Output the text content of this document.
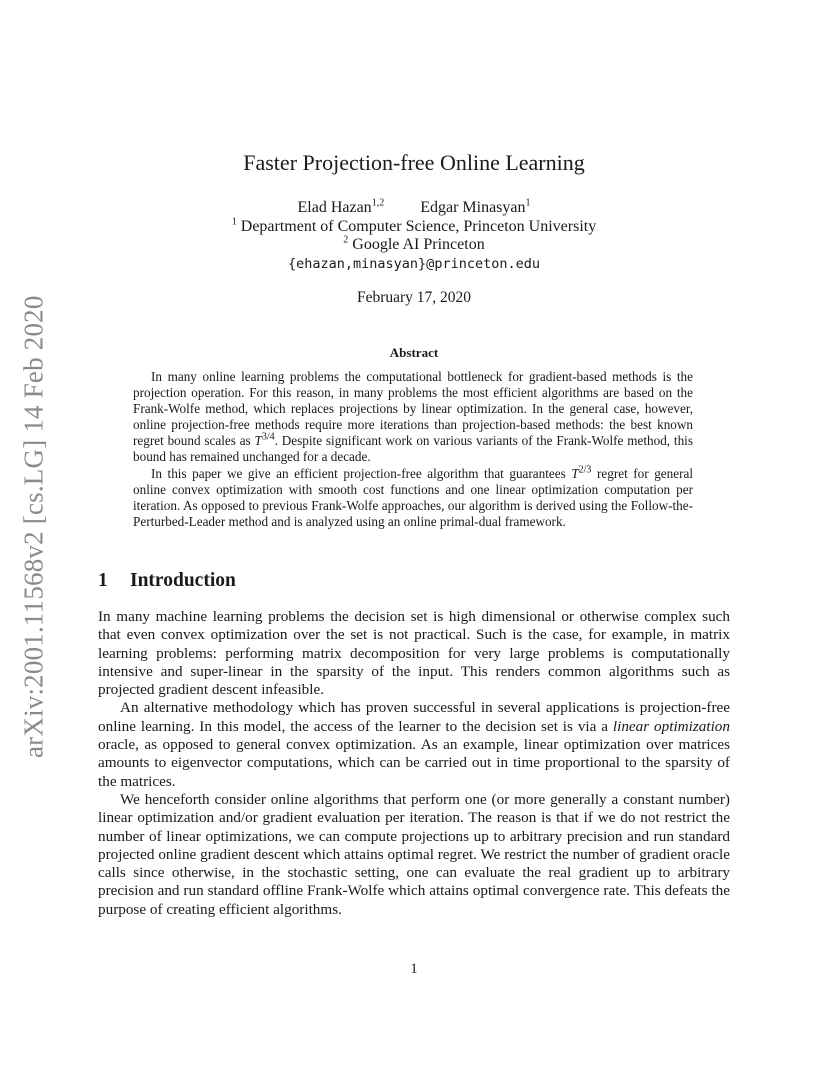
arXiv:2001.11568v2 [cs.LG] 14 Feb 2020
Faster Projection-free Online Learning
Elad Hazan$^{1,2}$ Edgar Minasyan$^1$
$^1$ Department of Computer Science, Princeton University
$^2$ Google AI Princeton
{ehazan,minasyan}@princeton.edu
February 17, 2020
Abstract

In many online learning problems the computational bottleneck for gradient-based methods is the projection operation. For this reason, in many problems the most efficient algorithms are based on the Frank-Wolfe method, which replaces projections by linear optimization. In the general case, however, online projection-free methods require more iterations than projection-based methods: the best known regret bound scales as $T^{3/4}$. Despite significant work on various variants of the Frank-Wolfe method, this bound has remained unchanged for a decade.

In this paper we give an efficient projection-free algorithm that guarantees $T^{2/3}$ regret for general online convex optimization with smooth cost functions and one linear optimization computation per iteration. As opposed to previous Frank-Wolfe approaches, our algorithm is derived using the Follow-the-Perturbed-Leader method and is analyzed using an online primal-dual framework.

1 Introduction

In many machine learning problems the decision set is high dimensional or otherwise complex such that even convex optimization over the set is not practical. Such is the case, for example, in matrix learning problems: performing matrix decomposition for very large problems is computationally intensive and super-linear in the sparsity of the input. This renders common algorithms such as projected gradient descent infeasible.

An alternative methodology which has proven successful in several applications is projection-free online learning. In this model, the access of the learner to the decision set is via a linear optimization oracle, as opposed to general convex optimization. As an example, linear optimization over matrices amounts to eigenvector computations, which can be carried out in time proportional to the sparsity of the matrices.

We henceforth consider online algorithms that perform one (or more generally a constant number) linear optimization and/or gradient evaluation per iteration. The reason is that if we do not restrict the number of linear optimizations, we can compute projections up to arbitrary precision and run standard projected online gradient descent which attains optimal regret. We restrict the number of gradient oracle calls since otherwise, in the stochastic setting, one can evaluate the real gradient up to arbitrary precision and run standard offline Frank-Wolfe which attains optimal convergence rate. This defeats the purpose of creating efficient algorithms.

1
